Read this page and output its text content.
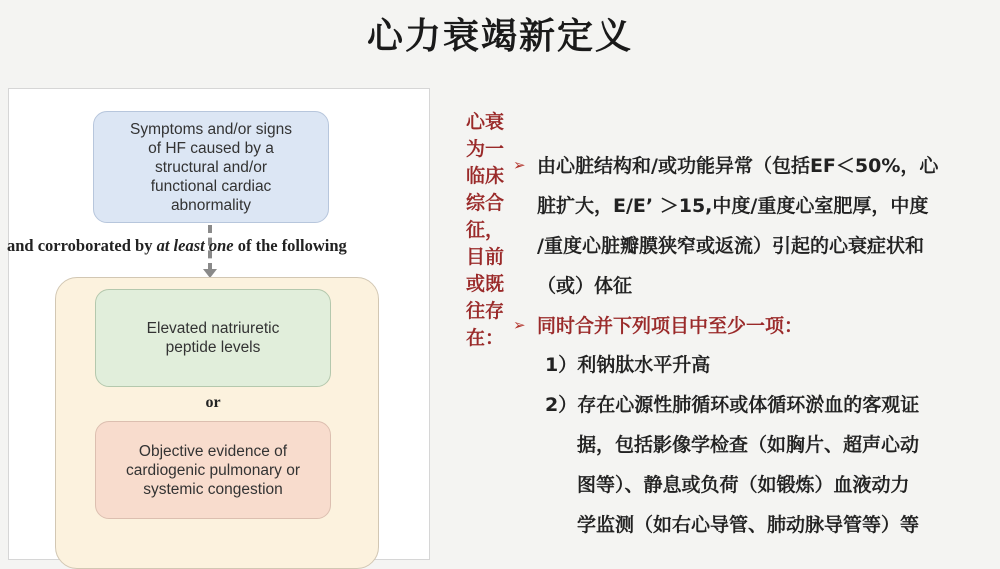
心力衰竭新定义
Symptoms and/or signs
of HF caused by a
structural and/or
functional cardiac
abnormality
and corroborated by at least one of the following
Elevated natriuretic
peptide levels
or
Objective evidence of
cardiogenic pulmonary or
systemic congestion
心衰为一临床综合征，目前或既往存在：
➢ 由心脏结构和/或功能异常（包括EF＜50%，心
脏扩大，E/E’ ＞15,中度/重度心室肥厚，中度
/重度心脏瓣膜狭窄或返流）引起的心衰症状和
（或）体征
➢ 同时合并下列项目中至少一项：
1）利钠肽水平升高
2）存在心源性肺循环或体循环淤血的客观证
据，包括影像学检查（如胸片、超声心动
图等）、静息或负荷（如锻炼）血液动力
学监测（如右心导管、肺动脉导管等）等
